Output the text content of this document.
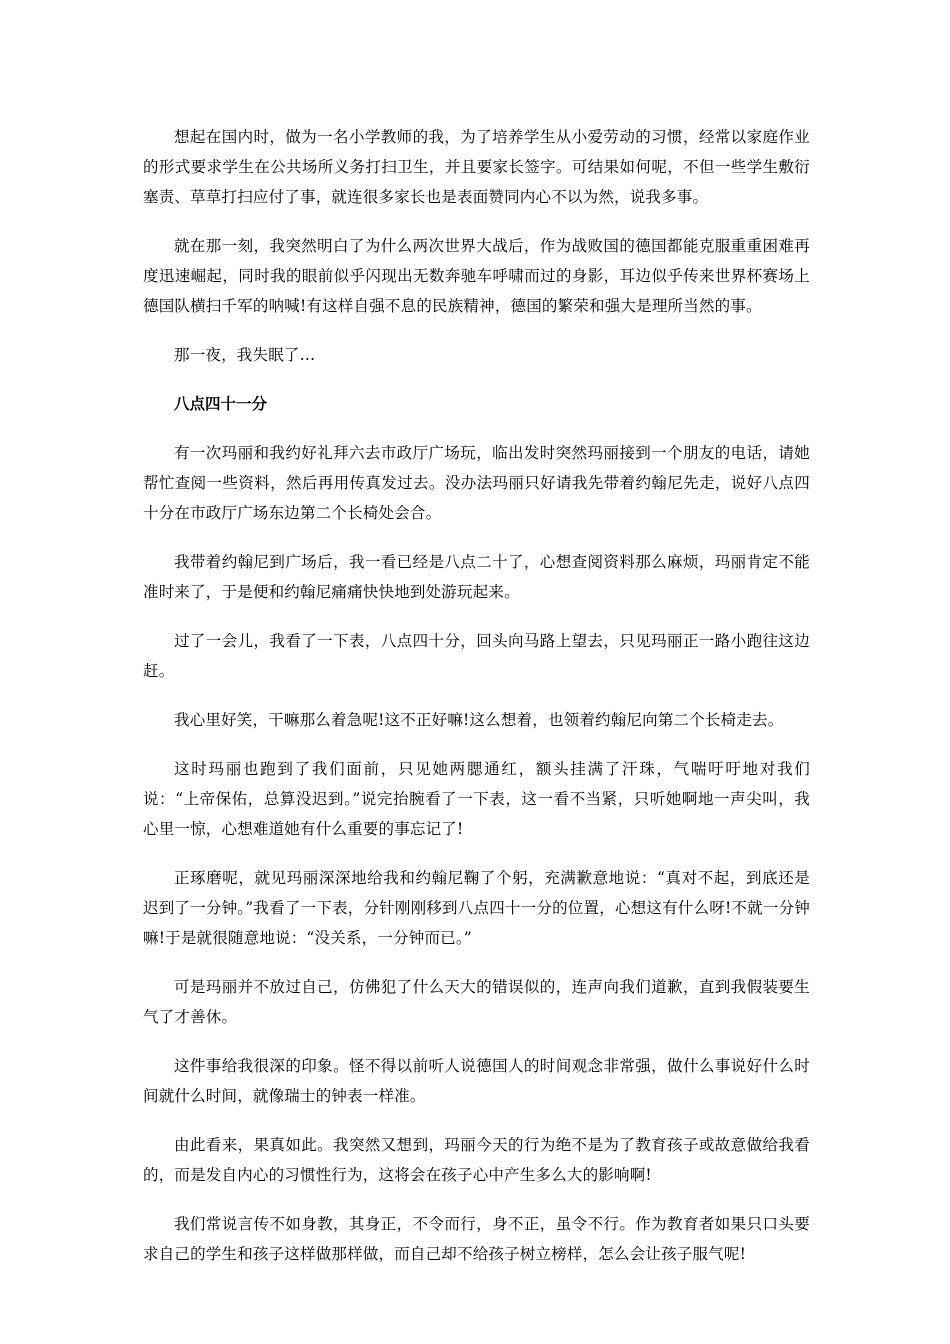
想起在国内时，做为一名小学教师的我，为了培养学生从小爱劳动的习惯，经常以家庭作业的形式要求学生在公共场所义务打扫卫生，并且要家长签字。可结果如何呢，不但一些学生敷衍塞责、草草打扫应付了事，就连很多家长也是表面赞同内心不以为然，说我多事。

就在那一刻，我突然明白了为什么两次世界大战后，作为战败国的德国都能克服重重困难再度迅速崛起，同时我的眼前似乎闪现出无数奔驰车呼啸而过的身影，耳边似乎传来世界杯赛场上德国队横扫千军的呐喊!有这样自强不息的民族精神，德国的繁荣和强大是理所当然的事。

那一夜，我失眠了…

八点四十一分

有一次玛丽和我约好礼拜六去市政厅广场玩，临出发时突然玛丽接到一个朋友的电话，请她帮忙查阅一些资料，然后再用传真发过去。没办法玛丽只好请我先带着约翰尼先走，说好八点四十分在市政厅广场东边第二个长椅处会合。

我带着约翰尼到广场后，我一看已经是八点二十了，心想查阅资料那么麻烦，玛丽肯定不能准时来了，于是便和约翰尼痛痛快快地到处游玩起来。

过了一会儿，我看了一下表，八点四十分，回头向马路上望去，只见玛丽正一路小跑往这边赶。

我心里好笑，干嘛那么着急呢!这不正好嘛!这么想着，也领着约翰尼向第二个长椅走去。

这时玛丽也跑到了我们面前，只见她两腮通红，额头挂满了汗珠，气喘吁吁地对我们说：“上帝保佑，总算没迟到。”说完抬腕看了一下表，这一看不当紧，只听她啊地一声尖叫，我心里一惊，心想难道她有什么重要的事忘记了!

正琢磨呢，就见玛丽深深地给我和约翰尼鞠了个躬，充满歉意地说：“真对不起，到底还是迟到了一分钟。”我看了一下表，分针刚刚移到八点四十一分的位置，心想这有什么呀!不就一分钟嘛!于是就很随意地说：“没关系，一分钟而已。”

可是玛丽并不放过自己，仿佛犯了什么天大的错误似的，连声向我们道歉，直到我假装要生气了才善休。

这件事给我很深的印象。怪不得以前听人说德国人的时间观念非常强，做什么事说好什么时间就什么时间，就像瑞士的钟表一样准。

由此看来，果真如此。我突然又想到，玛丽今天的行为绝不是为了教育孩子或故意做给我看的，而是发自内心的习惯性行为，这将会在孩子心中产生多么大的影响啊!

我们常说言传不如身教，其身正，不令而行，身不正，虽令不行。作为教育者如果只口头要求自己的学生和孩子这样做那样做，而自己却不给孩子树立榜样，怎么会让孩子服气呢!
